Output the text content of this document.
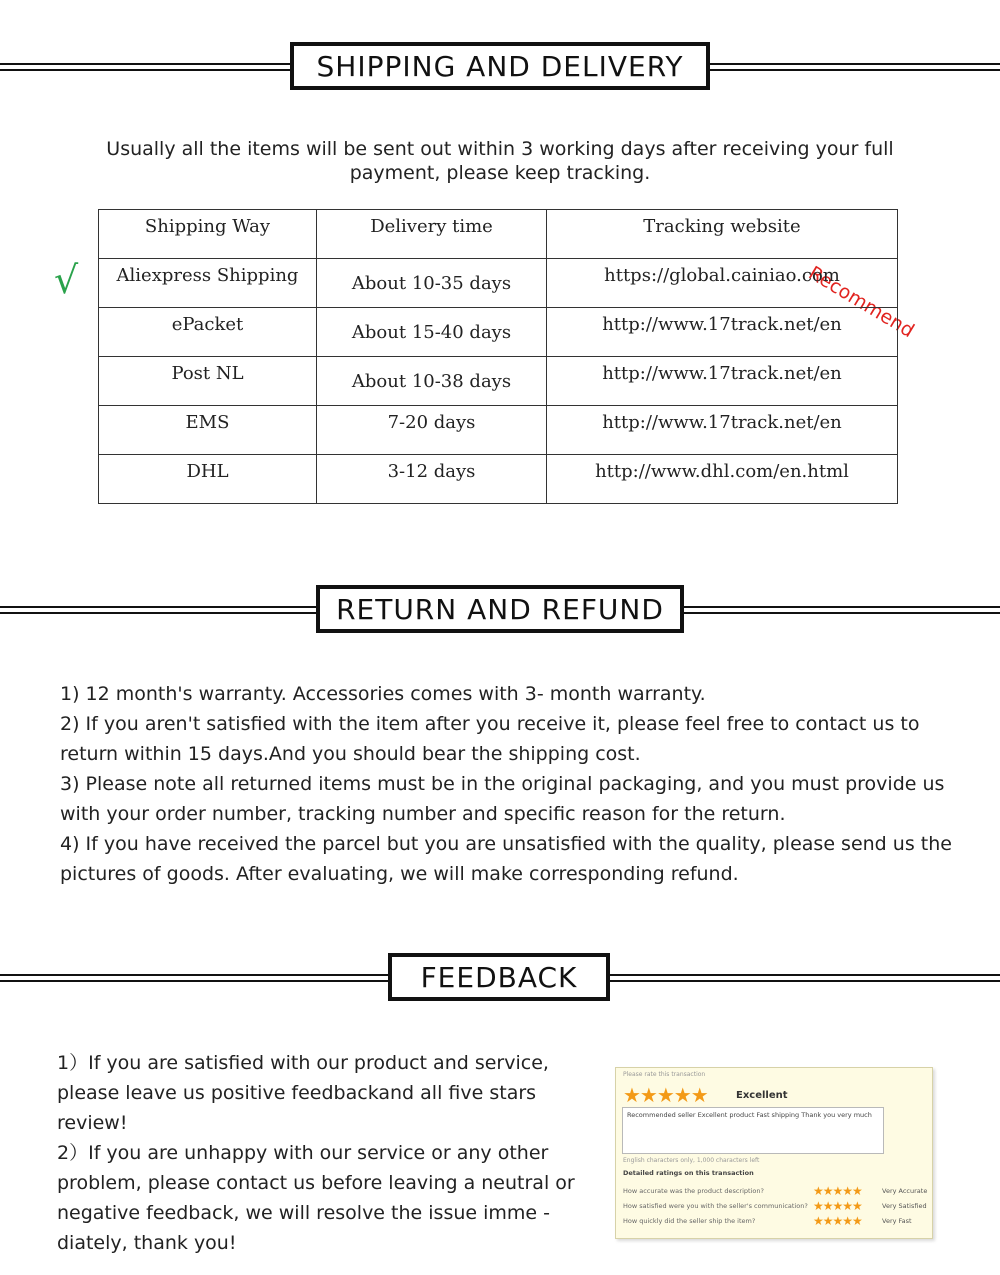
SHIPPING AND DELIVERY
Usually all the items will be sent out within 3 working days after receiving your full payment, please keep tracking.
√	Recommend
Shipping Way	Delivery time	Tracking website
Aliexpress Shipping	About 10-35 days	https://global.cainiao.com
ePacket	About 15-40 days	http://www.17track.net/en
Post NL	About 10-38 days	http://www.17track.net/en
EMS	7-20 days	http://www.17track.net/en
DHL	3-12 days	http://www.dhl.com/en.html
RETURN AND REFUND

1) 12 month's warranty. Accessories comes with 3- month warranty.

2) If you aren't satisfied with the item after you receive it, please feel free to contact us to return within 15 days.And you should bear the shipping cost.

3) Please note all returned items must be in the original packaging, and you must provide us with your order number, tracking number and specific reason for the return.

4) If you have received the parcel but you are unsatisfied with the quality, please send us the pictures of goods. After evaluating, we will make corresponding refund.

FEEDBACK

1）If you are satisfied with our product and service, please leave us positive feedbackand all five stars review!

2）If you are unhappy with our service or any other problem, please contact us before leaving a neutral or negative feedback, we will resolve the issue imme -diately, thank you!

Please rate this transaction
★★★★★	Excellent
Recommended seller Excellent product Fast shipping Thank you very much
English characters only, 1,000 characters left
Detailed ratings on this transaction
How accurate was the product description?	★★★★★	Very Accurate
How satisfied were you with the seller's communication? ★★★★★	Very Satisfied
How quickly did the seller ship the item?	★★★★★	Very Fast
